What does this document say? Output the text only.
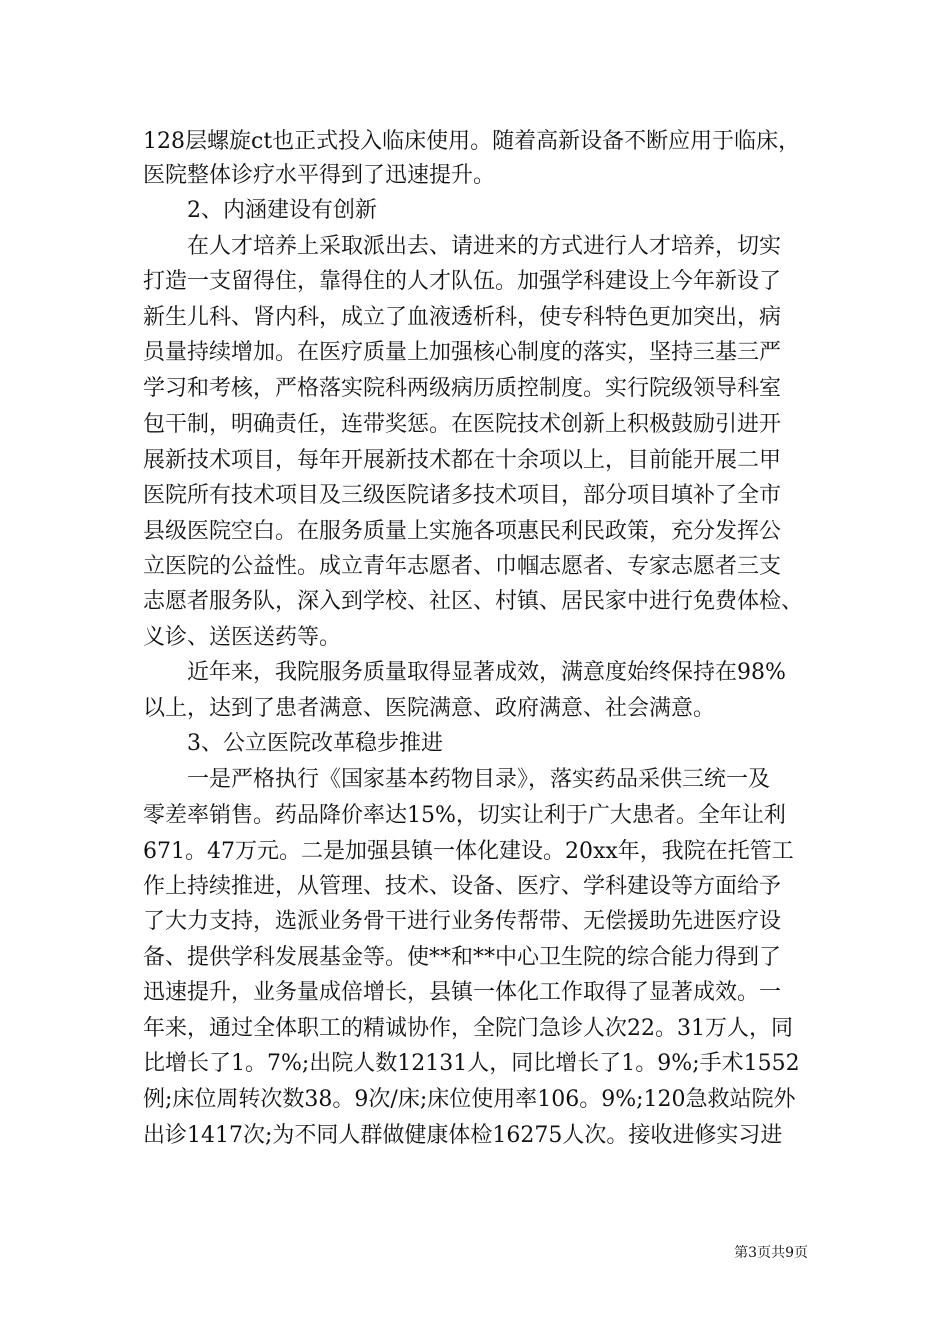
128层螺旋ct也正式投入临床使用。随着高新设备不断应用于临床，
医院整体诊疗水平得到了迅速提升。
　　2、内涵建设有创新
　　在人才培养上采取派出去、请进来的方式进行人才培养，切实
打造一支留得住，靠得住的人才队伍。加强学科建设上今年新设了
新生儿科、肾内科，成立了血液透析科，使专科特色更加突出，病
员量持续增加。在医疗质量上加强核心制度的落实，坚持三基三严
学习和考核，严格落实院科两级病历质控制度。实行院级领导科室
包干制，明确责任，连带奖惩。在医院技术创新上积极鼓励引进开
展新技术项目，每年开展新技术都在十余项以上，目前能开展二甲
医院所有技术项目及三级医院诸多技术项目，部分项目填补了全市
县级医院空白。在服务质量上实施各项惠民利民政策，充分发挥公
立医院的公益性。成立青年志愿者、巾帼志愿者、专家志愿者三支
志愿者服务队，深入到学校、社区、村镇、居民家中进行免费体检、
义诊、送医送药等。
　　近年来，我院服务质量取得显著成效，满意度始终保持在98%
以上，达到了患者满意、医院满意、政府满意、社会满意。
　　3、公立医院改革稳步推进
　　一是严格执行《国家基本药物目录》，落实药品采供三统一及
零差率销售。药品降价率达15%，切实让利于广大患者。全年让利
671。47万元。二是加强县镇一体化建设。20xx年，我院在托管工
作上持续推进，从管理、技术、设备、医疗、学科建设等方面给予
了大力支持，选派业务骨干进行业务传帮带、无偿援助先进医疗设
备、提供学科发展基金等。使**和**中心卫生院的综合能力得到了
迅速提升，业务量成倍增长，县镇一体化工作取得了显著成效。一
年来，通过全体职工的精诚协作，全院门急诊人次22。31万人，同
比增长了1。7%;出院人数12131人，同比增长了1。9%;手术1552
例;床位周转次数38。9次/床;床位使用率106。9%;120急救站院外
出诊1417次;为不同人群做健康体检16275人次。接收进修实习进
第3页共9页
